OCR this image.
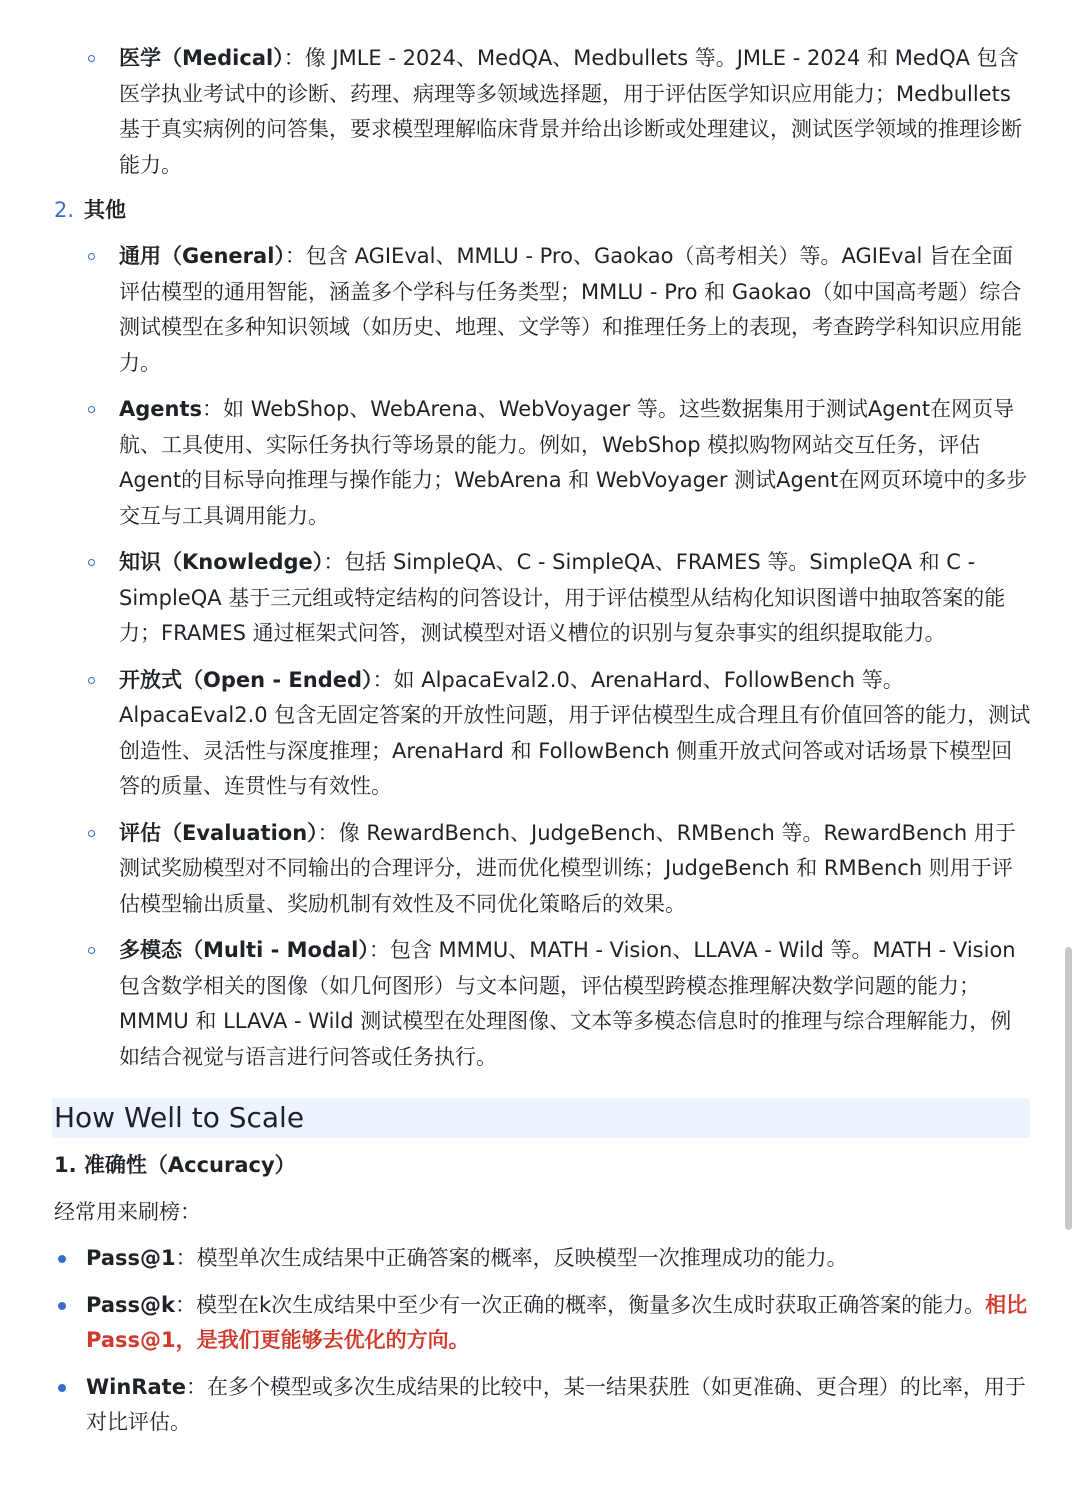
医学（Medical）：像 JMLE - 2024、MedQA、Medbullets 等。JMLE - 2024 和 MedQA 包含医学执业考试中的诊断、药理、病理等多领域选择题，用于评估医学知识应用能力；Medbullets 基于真实病例的问答集，要求模型理解临床背景并给出诊断或处理建议，测试医学领域的推理诊断能力。
2. 其他
通用（General）：包含 AGIEval、MMLU - Pro、Gaokao（高考相关）等。AGIEval 旨在全面评估模型的通用智能，涵盖多个学科与任务类型；MMLU - Pro 和 Gaokao（如中国高考题）综合测试模型在多种知识领域（如历史、地理、文学等）和推理任务上的表现，考查跨学科知识应用能力。
Agents：如 WebShop、WebArena、WebVoyager 等。这些数据集用于测试Agent在网页导航、工具使用、实际任务执行等场景的能力。例如，WebShop 模拟购物网站交互任务，评估Agent的目标导向推理与操作能力；WebArena 和 WebVoyager 测试Agent在网页环境中的多步交互与工具调用能力。
知识（Knowledge）：包括 SimpleQA、C - SimpleQA、FRAMES 等。SimpleQA 和 C - SimpleQA 基于三元组或特定结构的问答设计，用于评估模型从结构化知识图谱中抽取答案的能力；FRAMES 通过框架式问答，测试模型对语义槽位的识别与复杂事实的组织提取能力。
开放式（Open - Ended）：如 AlpacaEval2.0、ArenaHard、FollowBench 等。AlpacaEval2.0 包含无固定答案的开放性问题，用于评估模型生成合理且有价值回答的能力，测试创造性、灵活性与深度推理；ArenaHard 和 FollowBench 侧重开放式问答或对话场景下模型回答的质量、连贯性与有效性。
评估（Evaluation）：像 RewardBench、JudgeBench、RMBench 等。RewardBench 用于测试奖励模型对不同输出的合理评分，进而优化模型训练；JudgeBench 和 RMBench 则用于评估模型输出质量、奖励机制有效性及不同优化策略后的效果。
多模态（Multi - Modal）：包含 MMMU、MATH - Vision、LLAVA - Wild 等。MATH - Vision 包含数学相关的图像（如几何图形）与文本问题，评估模型跨模态推理解决数学问题的能力；MMMU 和 LLAVA - Wild 测试模型在处理图像、文本等多模态信息时的推理与综合理解能力，例如结合视觉与语言进行问答或任务执行。
How Well to Scale
1. 准确性（Accuracy）
经常用来刷榜：
Pass@1：模型单次生成结果中正确答案的概率，反映模型一次推理成功的能力。
Pass@k：模型在k次生成结果中至少有一次正确的概率，衡量多次生成时获取正确答案的能力。相比Pass@1，是我们更能够去优化的方向。
WinRate：在多个模型或多次生成结果的比较中，某一结果获胜（如更准确、更合理）的比率，用于对比评估。
